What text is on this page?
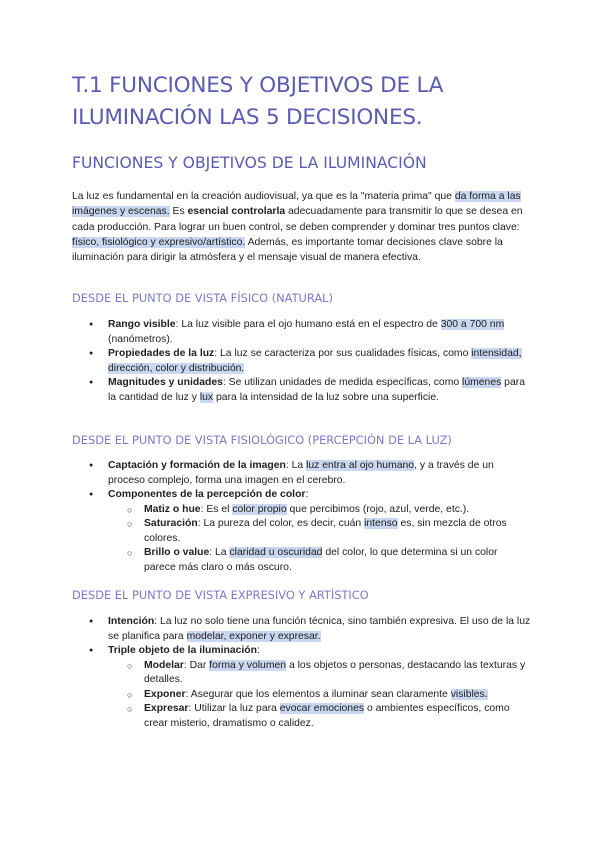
T.1 FUNCIONES Y OBJETIVOS DE LA ILUMINACIÓN LAS 5 DECISIONES.
FUNCIONES Y OBJETIVOS DE LA ILUMINACIÓN

La luz es fundamental en la creación audiovisual, ya que es la "materia prima" que da forma a las imágenes y escenas. Es esencial controlarla adecuadamente para transmitir lo que se desea en cada producción. Para lograr un buen control, se deben comprender y dominar tres puntos clave: físico, fisiológico y expresivo/artístico. Además, es importante tomar decisiones clave sobre la iluminación para dirigir la atmósfera y el mensaje visual de manera efectiva.

DESDE EL PUNTO DE VISTA FÍSICO (NATURAL)
● Rango visible: La luz visible para el ojo humano está en el espectro de 300 a 700 nm (nanómetros).
● Propiedades de la luz: La luz se caracteriza por sus cualidades físicas, como intensidad, dirección, color y distribución.
● Magnitudes y unidades: Se utilizan unidades de medida específicas, como lúmenes para la cantidad de luz y lux para la intensidad de la luz sobre una superficie.
DESDE EL PUNTO DE VISTA FISIOLÓGICO (PERCEPCIÓN DE LA LUZ)
● Captación y formación de la imagen: La luz entra al ojo humano, y a través de un proceso complejo, forma una imagen en el cerebro.
● Componentes de la percepción de color:
○ Matiz o hue: Es el color propio que percibimos (rojo, azul, verde, etc.).
○ Saturación: La pureza del color, es decir, cuán intenso es, sin mezcla de otros colores.
○ Brillo o value: La claridad u oscuridad del color, lo que determina si un color parece más claro o más oscuro.
DESDE EL PUNTO DE VISTA EXPRESIVO Y ARTÍSTICO
● Intención: La luz no solo tiene una función técnica, sino también expresiva. El uso de la luz se planifica para modelar, exponer y expresar.
● Triple objeto de la iluminación:
○ Modelar: Dar forma y volumen a los objetos o personas, destacando las texturas y detalles.
○ Exponer: Asegurar que los elementos a iluminar sean claramente visibles.
○ Expresar: Utilizar la luz para evocar emociones o ambientes específicos, como crear misterio, dramatismo o calidez.
